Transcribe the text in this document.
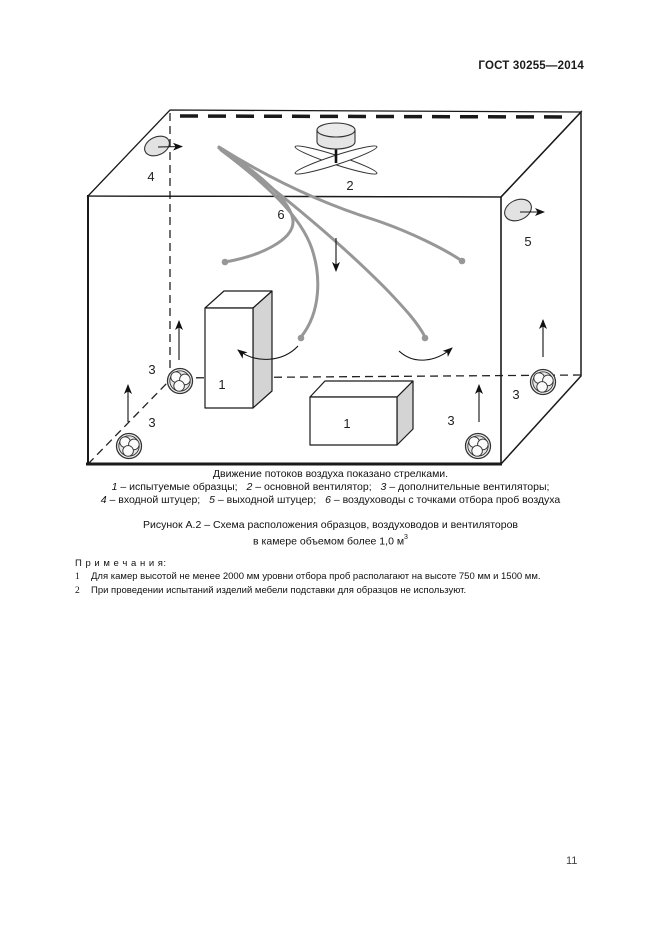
ГОСТ 30255—2014
4
2
6
5
1
1
3
3	3
3
Движение потоков воздуха показано стрелками.
1 – испытуемые образцы; 2 – основной вентилятор; 3 – дополнительные вентиляторы;
4 – входной штуцер; 5 – выходной штуцер; 6 – воздуховоды с точками отбора проб воздуха
Рисунок А.2 – Схема расположения образцов, воздуховодов и вентиляторов
в камере объемом более 1,0 $м^3$
П р и м е ч а н и я:
1 Для камер высотой не менее 2000 мм уровни отбора проб располагают на высоте 750 мм и 1500 мм.
2 При проведении испытаний изделий мебели подставки для образцов не используют.
11
